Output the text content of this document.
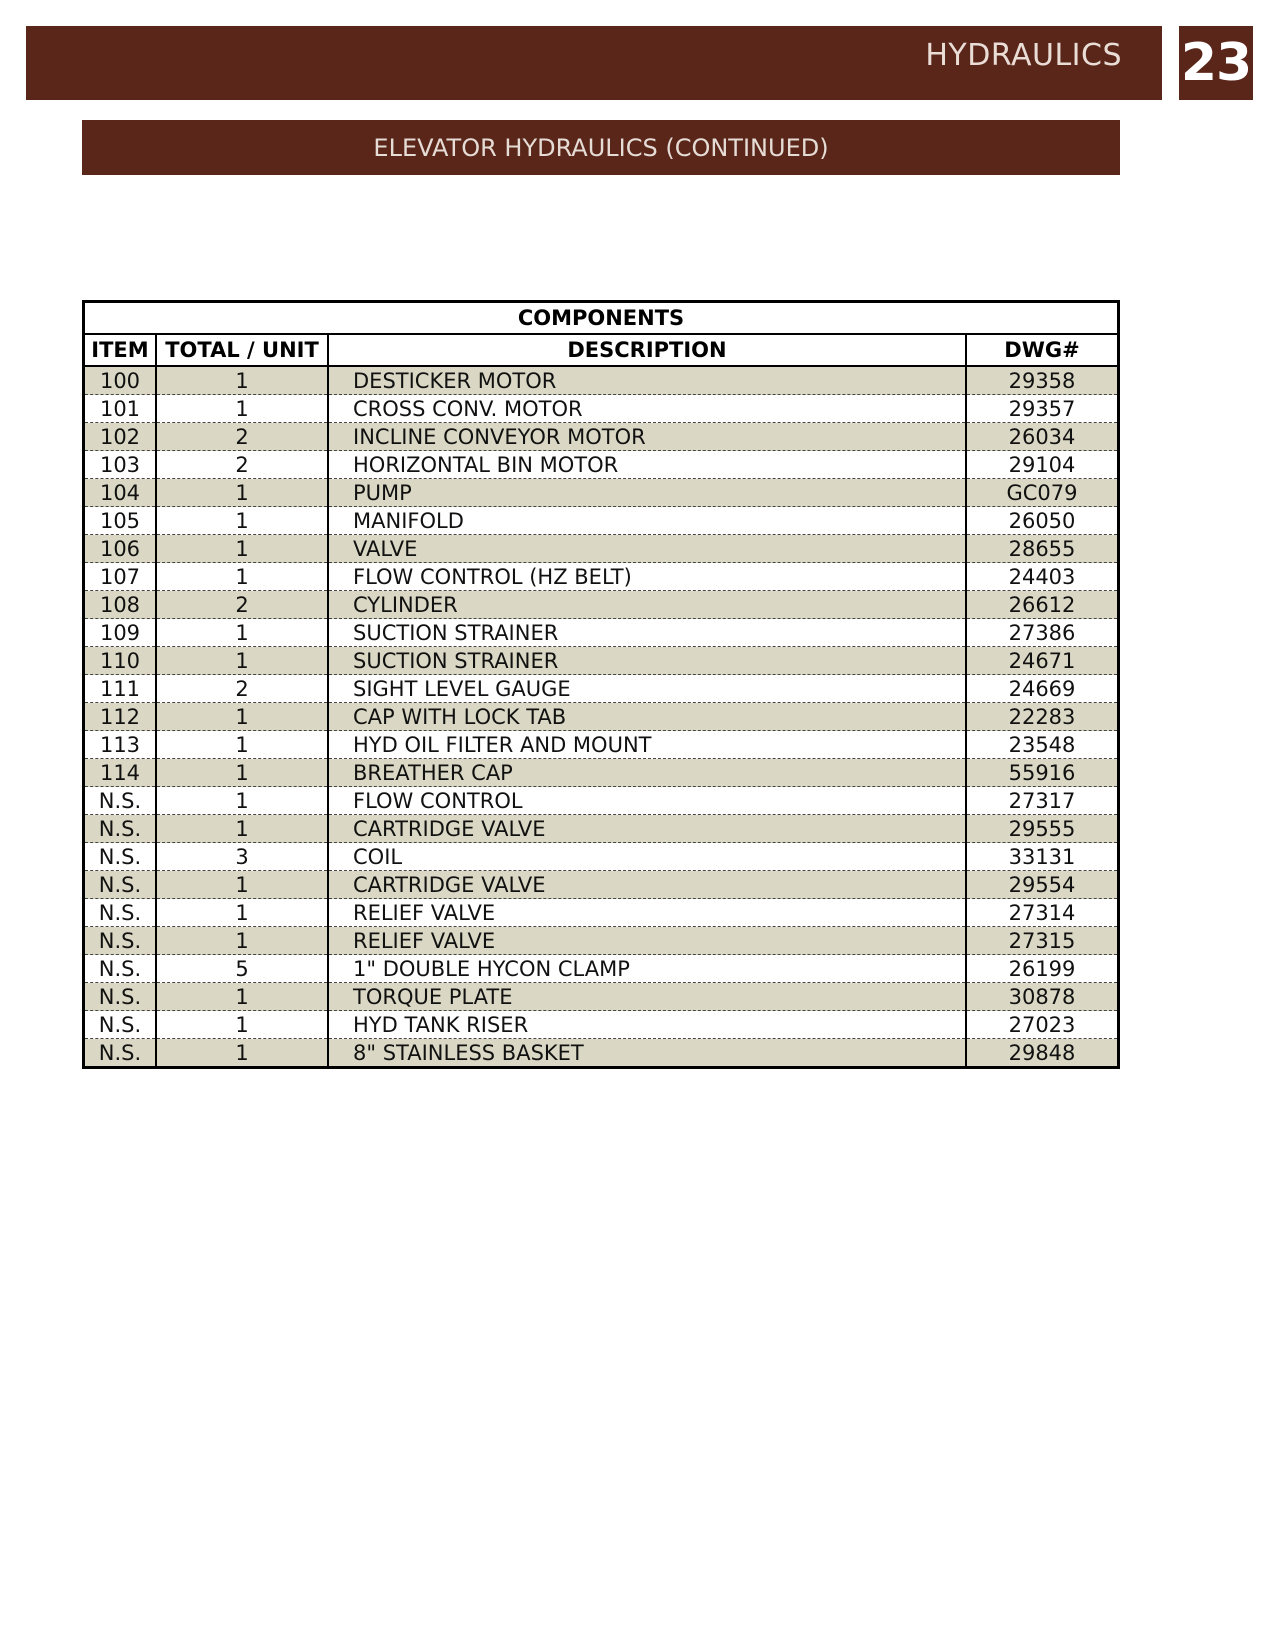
HYDRAULICS 23
ELEVATOR HYDRAULICS (CONTINUED)
COMPONENTS			
ITEM	TOTAL / UNIT	DESCRIPTION	DWG#
100	1	DESTICKER MOTOR	29358
101	1	CROSS CONV. MOTOR	29357
102	2	INCLINE CONVEYOR MOTOR	26034
103	2	HORIZONTAL BIN MOTOR	29104
104	1	PUMP	GC079
105	1	MANIFOLD	26050
106	1	VALVE	28655
107	1	FLOW CONTROL (HZ BELT)	24403
108	2	CYLINDER	26612
109	1	SUCTION STRAINER	27386
110	1	SUCTION STRAINER	24671
111	2	SIGHT LEVEL GAUGE	24669
112	1	CAP WITH LOCK TAB	22283
113	1	HYD OIL FILTER AND MOUNT	23548
114	1	BREATHER CAP	55916
N.S.	1	FLOW CONTROL	27317
N.S.	1	CARTRIDGE VALVE	29555
N.S.	3	COIL	33131
N.S.	1	CARTRIDGE VALVE	29554
N.S.	1	RELIEF VALVE	27314
N.S.	1	RELIEF VALVE	27315
N.S.	5	1" DOUBLE HYCON CLAMP	26199
N.S.	1	TORQUE PLATE	30878
N.S.	1	HYD TANK RISER	27023
N.S.	1	8" STAINLESS BASKET	29848
